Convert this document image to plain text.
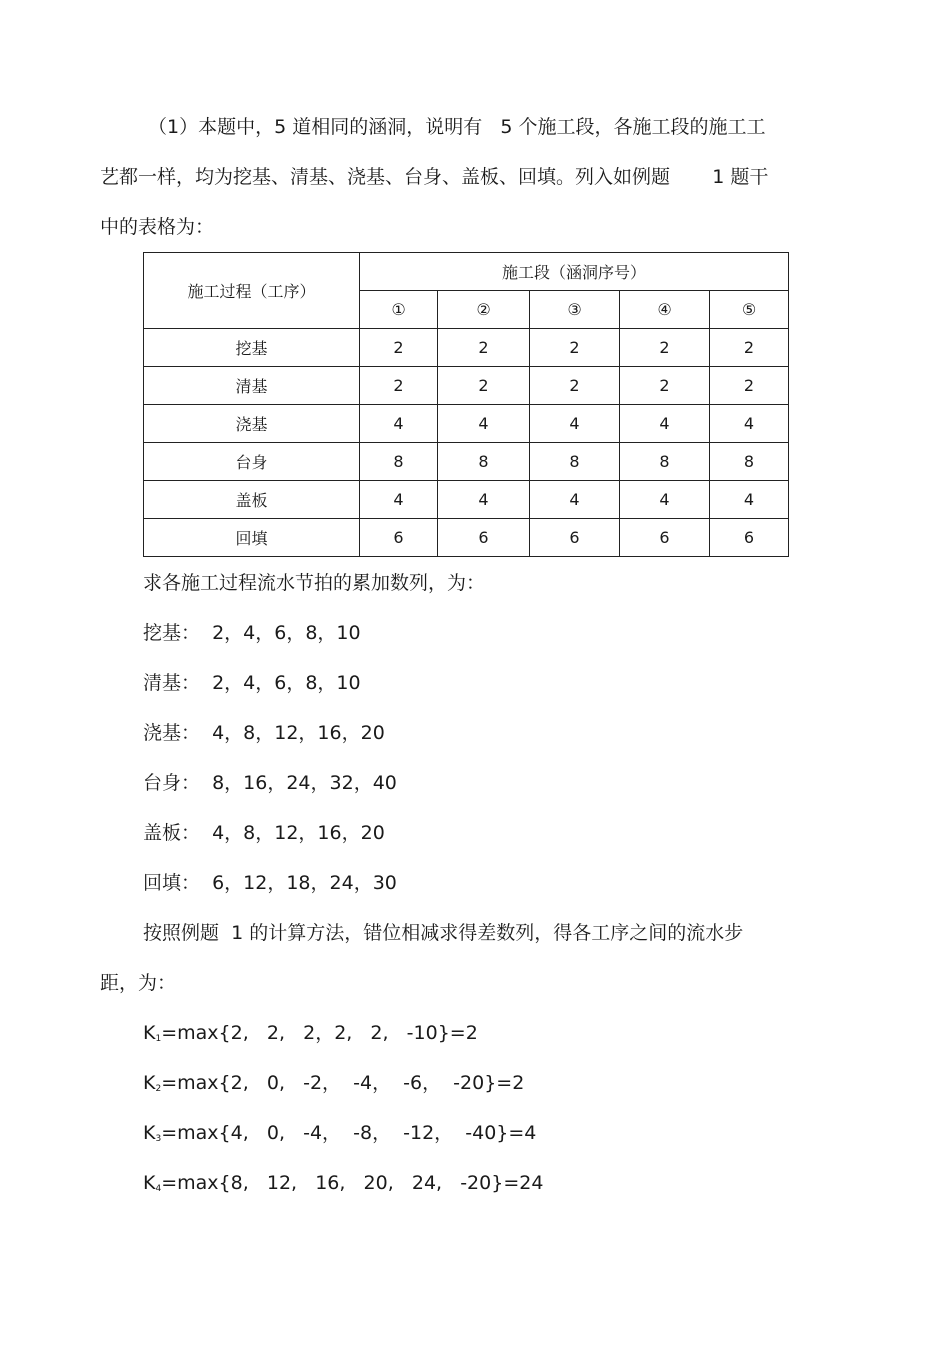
（1）本题中，5 道相同的涵洞，说明有   5 个施工段，各施工段的施工工
艺都一样，均为挖基、清基、浇基、台身、盖板、回填。列入如例题       1 题干
中的表格为：
施工过程（工序）	施工段（涵洞序号）				
	①	②	③	④	⑤
挖基	2	2	2	2	2
清基	2	2	2	2	2
浇基	4	4	4	4	4
台身	8	8	8	8	8
盖板	4	4	4	4	4
回填	6	6	6	6	6
求各施工过程流水节拍的累加数列，为：
挖基：  2，4，6，8，10
清基：  2，4，6，8，10
浇基：  4，8，12，16，20
台身：  8，16，24，32，40
盖板：  4，8，12，16，20
回填：  6，12，18，24，30
按照例题  1 的计算方法，错位相减求得差数列，得各工序之间的流水步
距，为：
$K_1=\max\{2$,   2,   2，2,   2,   -10}=2
$K_2=\max\{2$,   0,   -2，  -4，  -6，  -20}=2
$K_3=\max\{4$,   0,   -4，  -8，  -12，  -40}=4
$K_4=\max\{8$,   12,   16,   20,   24,   -20}=24
